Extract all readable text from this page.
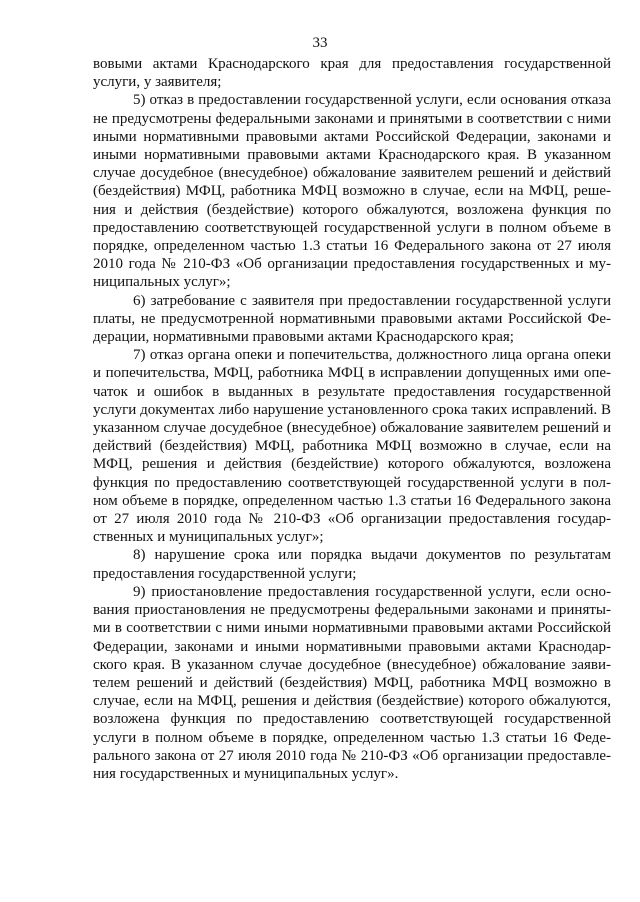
33

вовыми актами Краснодарского края для предоставления государственной услуги, у заявителя;

5) отказ в предоставлении государственной услуги, если основания отказа не предусмотрены федеральными законами и принятыми в соответствии с ними иными нормативными правовыми актами Российской Федерации, законами и иными нормативными правовыми актами Краснодарского края. В указанном случае досудебное (внесудебное) обжалование заявителем решений и действий (бездействия) МФЦ, работника МФЦ возможно в случае, если на МФЦ, решения и действия (бездействие) которого обжалуются, возложена функция по предоставлению соответствующей государственной услуги в полном объеме в порядке, определенном частью 1.3 статьи 16 Федерального закона от 27 июля 2010 года № 210-ФЗ «Об организации предоставления государственных и муниципальных услуг»;

6) затребование с заявителя при предоставлении государственной услуги платы, не предусмотренной нормативными правовыми актами Российской Федерации, нормативными правовыми актами Краснодарского края;

7) отказ органа опеки и попечительства, должностного лица органа опеки и попечительства, МФЦ, работника МФЦ в исправлении допущенных ими опечаток и ошибок в выданных в результате предоставления государственной услуги документах либо нарушение установленного срока таких исправлений. В указанном случае досудебное (внесудебное) обжалование заявителем решений и действий (бездействия) МФЦ, работника МФЦ возможно в случае, если на МФЦ, решения и действия (бездействие) которого обжалуются, возложена функция по предоставлению соответствующей государственной услуги в полном объеме в порядке, определенном частью 1.3 статьи 16 Федерального закона от 27 июля 2010 года № 210-ФЗ «Об организации предоставления государственных и муниципальных услуг»;

8) нарушение срока или порядка выдачи документов по результатам предоставления государственной услуги;

9) приостановление предоставления государственной услуги, если основания приостановления не предусмотрены федеральными законами и принятыми в соответствии с ними иными нормативными правовыми актами Российской Федерации, законами и иными нормативными правовыми актами Краснодарского края. В указанном случае досудебное (внесудебное) обжалование заявителем решений и действий (бездействия) МФЦ, работника МФЦ возможно в случае, если на МФЦ, решения и действия (бездействие) которого обжалуются, возложена функция по предоставлению соответствующей государственной услуги в полном объеме в порядке, определенном частью 1.3 статьи 16 Федерального закона от 27 июля 2010 года № 210-ФЗ «Об организации предоставления государственных и муниципальных услуг».
